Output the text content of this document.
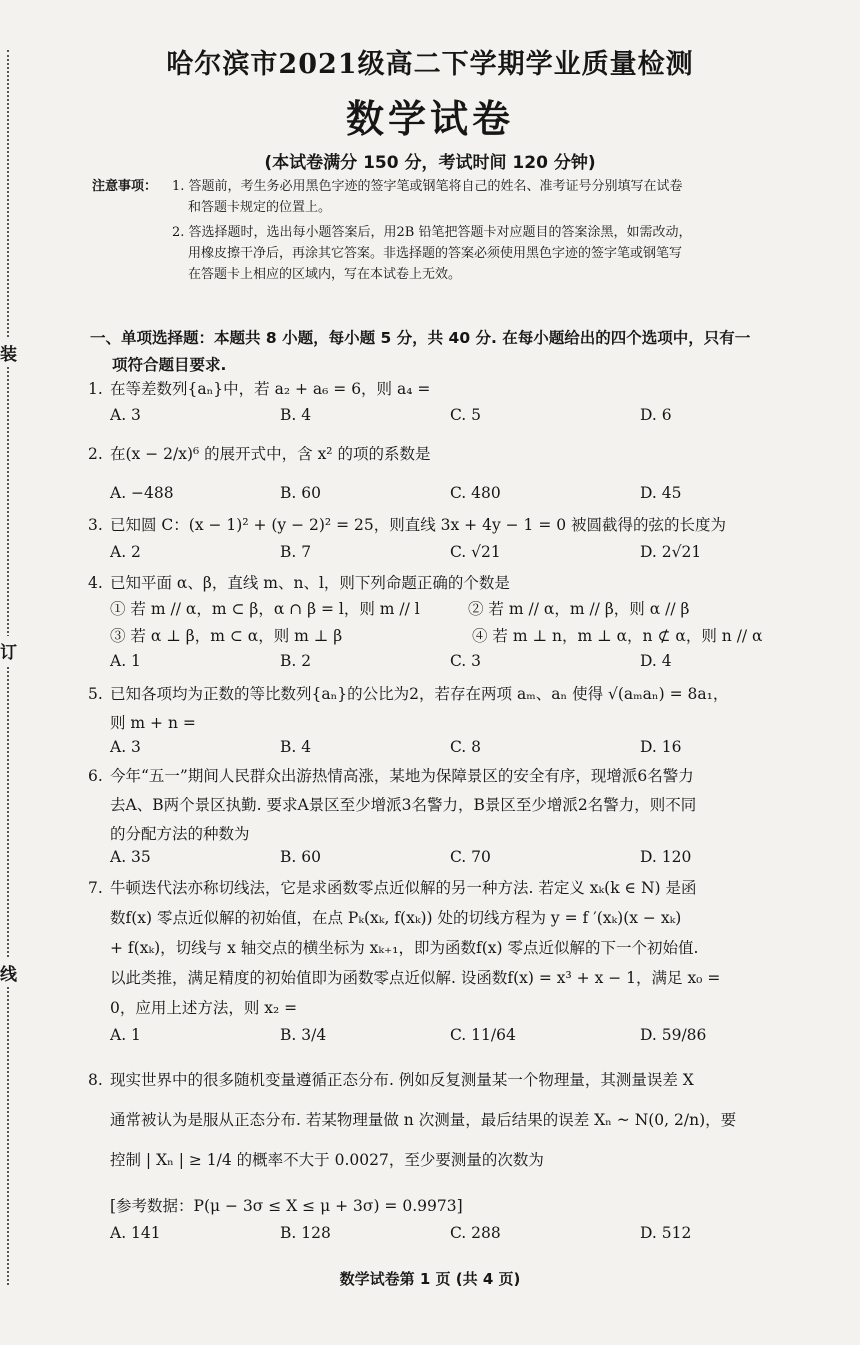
装
订
线
哈尔滨市2021级高二下学期学业质量检测
数学试卷
(本试卷满分 150 分，考试时间 120 分钟)
注意事项： 1. 答题前，考生务必用黑色字迹的签字笔或钢笔将自己的姓名、准考证号分别填写在试卷
和答题卡规定的位置上。
2. 答选择题时，选出每小题答案后，用2B 铅笔把答题卡对应题目的答案涂黑，如需改动，
用橡皮擦干净后，再涂其它答案。非选择题的答案必须使用黑色字迹的签字笔或钢笔写
在答题卡上相应的区域内，写在本试卷上无效。
一、单项选择题：本题共 8 小题，每小题 5 分，共 40 分. 在每小题给出的四个选项中，只有一
项符合题目要求.
1. 在等差数列{aₙ}中，若 a₂ + a₆ = 6，则 a₄ =
A. 3	B. 4	C. 5	D. 6
2. 在(x − 2/x)⁶ 的展开式中，含 x² 的项的系数是
A. −488	B. 60	C. 480	D. 45
3. 已知圆 C：(x − 1)² + (y − 2)² = 25，则直线 3x + 4y − 1 = 0 被圆截得的弦的长度为
A. 2	B. 7	C. √21	D. 2√21
4. 已知平面 α、β，直线 m、n、l，则下列命题正确的个数是
① 若 m // α，m ⊂ β，α ∩ β = l，则 m // l	② 若 m // α，m // β，则 α // β
③ 若 α ⊥ β，m ⊂ α，则 m ⊥ β	④ 若 m ⊥ n，m ⊥ α，n ⊄ α，则 n // α
A. 1	B. 2	C. 3	D. 4
5. 已知各项均为正数的等比数列{aₙ}的公比为2，若存在两项 aₘ、aₙ 使得 √(aₘaₙ) = 8a₁，
则 m + n =
A. 3	B. 4	C. 8	D. 16
6. 今年“五一”期间人民群众出游热情高涨，某地为保障景区的安全有序，现增派6名警力
去A、B两个景区执勤. 要求A景区至少增派3名警力，B景区至少增派2名警力，则不同
的分配方法的种数为
A. 35	B. 60	C. 70	D. 120
7. 牛顿迭代法亦称切线法，它是求函数零点近似解的另一种方法. 若定义 xₖ(k ∈ N) 是函
数f(x) 零点近似解的初始值，在点 Pₖ(xₖ, f(xₖ)) 处的切线方程为 y = f ′(xₖ)(x − xₖ)
+ f(xₖ)，切线与 x 轴交点的横坐标为 xₖ₊₁，即为函数f(x) 零点近似解的下一个初始值.
以此类推，满足精度的初始值即为函数零点近似解. 设函数f(x) = x³ + x − 1，满足 x₀ =
0，应用上述方法，则 x₂ =
A. 1	B. 3/4	C. 11/64	D. 59/86
8. 现实世界中的很多随机变量遵循正态分布. 例如反复测量某一个物理量，其测量误差 X
通常被认为是服从正态分布. 若某物理量做 n 次测量，最后结果的误差 Xₙ ~ N(0, 2/n)，要
控制 | Xₙ | ≥ 1/4 的概率不大于 0.0027，至少要测量的次数为
[参考数据：P(μ − 3σ ≤ X ≤ μ + 3σ) = 0.9973]
A. 141	B. 128	C. 288	D. 512
数学试卷第 1 页 (共 4 页)
